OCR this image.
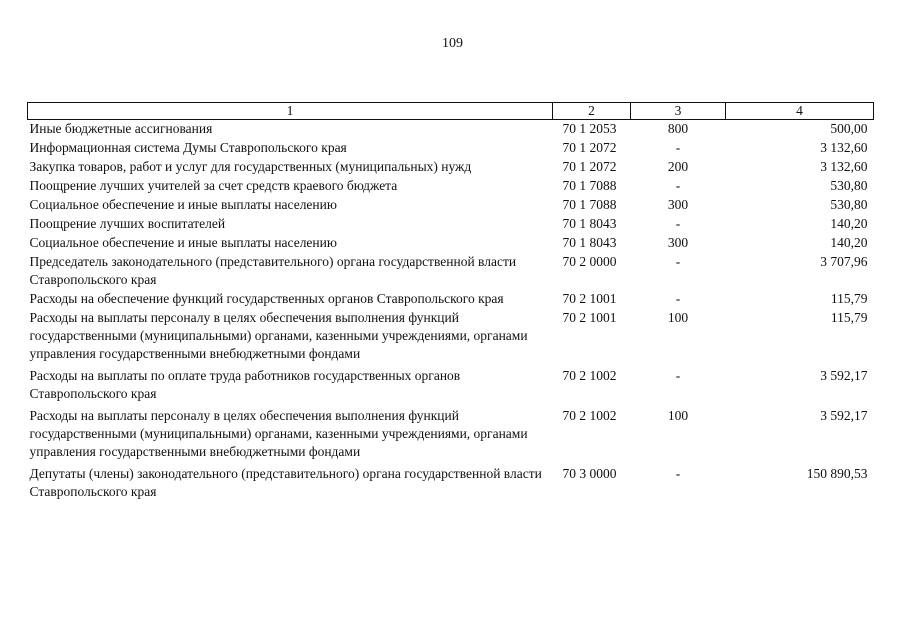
109
1	2	3	4
Иные бюджетные ассигнования	70 1 2053	800	500,00
Информационная система Думы Ставропольского края	70 1 2072	-	3 132,60
Закупка товаров, работ и услуг для государственных (муниципальных) нужд	70 1 2072	200	3 132,60
Поощрение лучших учителей за счет средств краевого бюджета	70 1 7088	-	530,80
Социальное обеспечение и иные выплаты населению	70 1 7088	300	530,80
Поощрение лучших воспитателей	70 1 8043	-	140,20
Социальное обеспечение и иные выплаты населению	70 1 8043	300	140,20
Председатель законодательного (представительного) органа государственной власти Ставропольского края	70 2 0000	-	3 707,96
Расходы на обеспечение функций государственных органов Ставропольского края	70 2 1001	-	115,79
Расходы на выплаты персоналу в целях обеспечения выполнения функций государственными (муниципальными) органами, казенными учреждениями, органами управления государственными внебюджетными фондами	70 2 1001	100	115,79
Расходы на выплаты по оплате труда работников государственных органов Ставропольского края	70 2 1002	-	3 592,17
Расходы на выплаты персоналу в целях обеспечения выполнения функций государственными (муниципальными) органами, казенными учреждениями, органами управления государственными внебюджетными фондами	70 2 1002	100	3 592,17
Депутаты (члены) законодательного (представительного) органа государственной власти Ставропольского края	70 3 0000	-	150 890,53
